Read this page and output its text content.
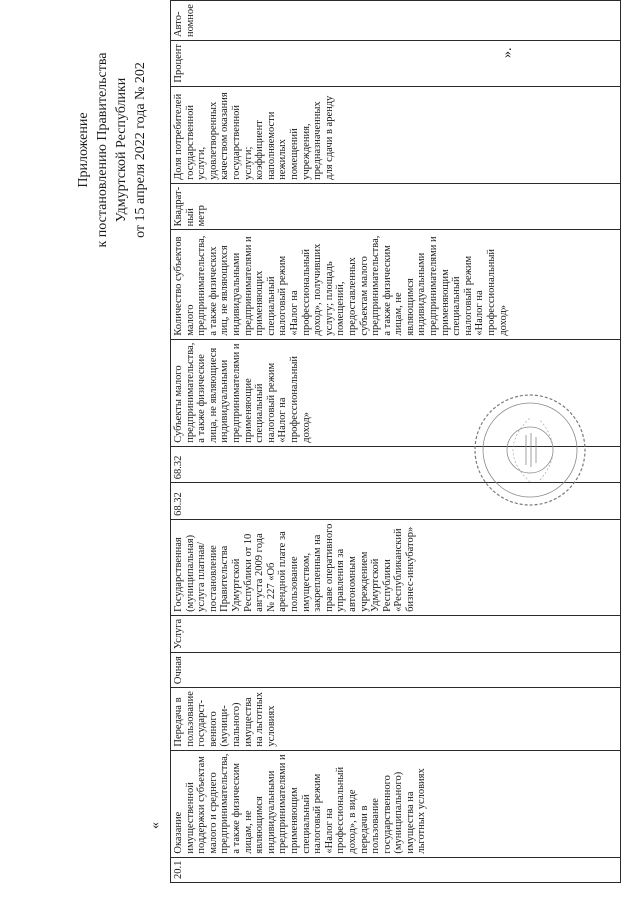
Приложение к постановлению Правительства Удмуртской Республики от 15 апреля 2022 года № 202
«
20.1	Оказание имущественной поддержки субъектам малого и среднего предпринимательства, а также физическим лицам, не являющимся индивидуальными предпринимателями и применяющим специальный налоговый режим «Налог на профессиональный доход», в виде передачи в пользование государственного (муниципального) имущества на льготных условиях	Передача в пользование государст-венного (муници-пального) имущества на льготных условиях	Очная	Услуга	Государственная (муниципальная) услуга платная/ постановление Правительства Удмуртской Республики от 10 августа 2009 года № 227 «Об арендной плате за пользование имуществом, закрепленным на праве оперативного управления за автономным учреждением Удмуртской Республики «Республиканский бизнес-инкубатор»	68.32	68.32	Субъекты малого предпринимательства, а также физические лица, не являющиеся индивидуальными предпринимателями и применяющие специальный налоговый режим «Налог на профессиональный доход»	Количество субъектов малого предпринимательства, а также физических лиц, не являющихся индивидуальными предпринимателями и применяющих специальный налоговый режим «Налог на профессиональный доход», получивших услугу; площадь помещений, предоставленных субъектам малого предпринимательства, а также физическим лицам, не являющимся индивидуальными предпринимателями и применяющим специальный налоговый режим «Налог на профессиональный доход»	Квадрат-ный метр	Доля потребителей государственной услуги, удовлетворенных качеством оказания государственной услуги; коэффициент наполняемости нежилых помещений учреждения, предназначенных для сдачи в аренду	Процент	Авто-номное
».
